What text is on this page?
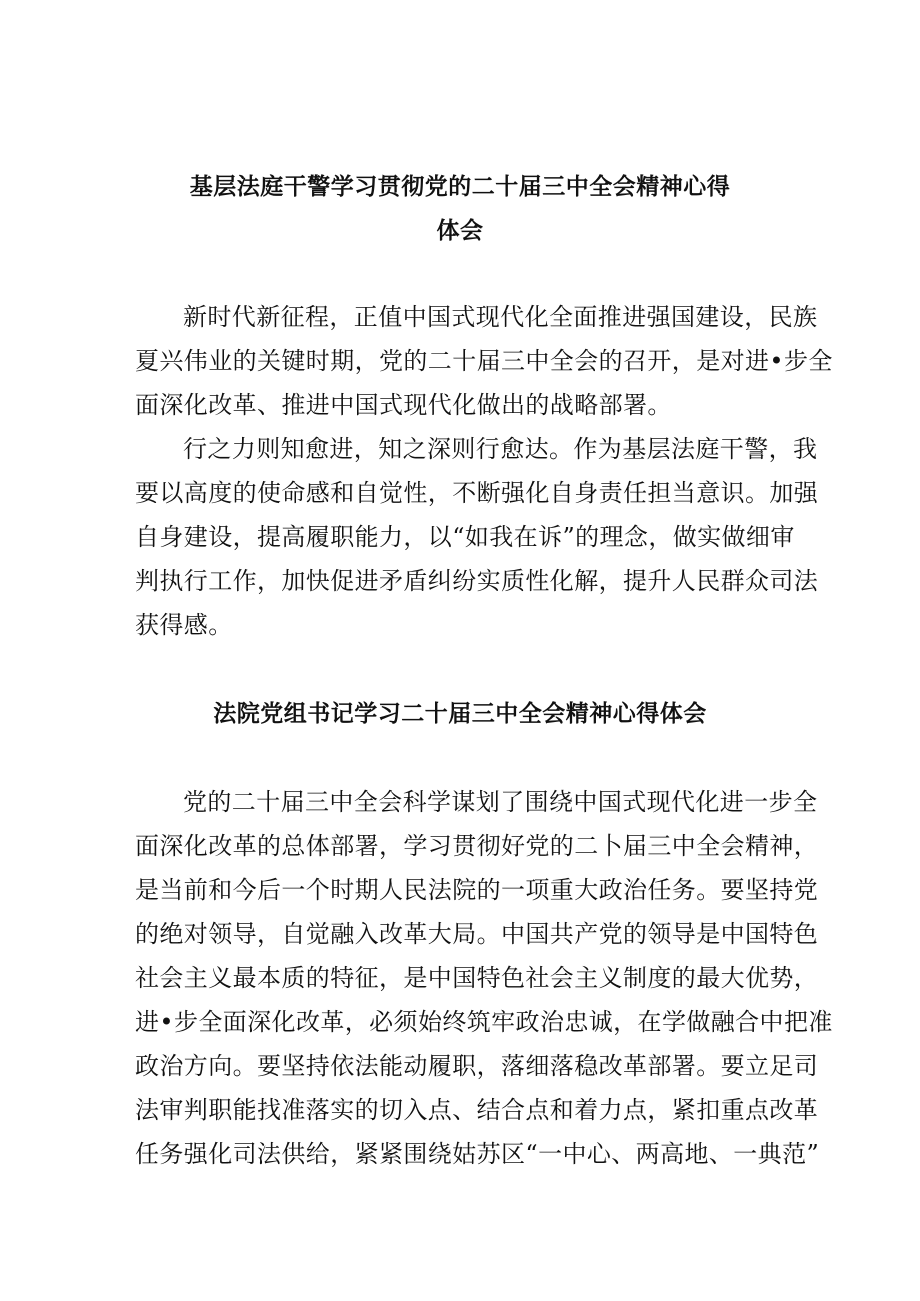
基层法庭干警学习贯彻党的二十届三中全会精神心得
体会
新时代新征程，正值中国式现代化全面推进强国建设，民族
夏兴伟业的关键时期，党的二十届三中全会的召开，是对进•步全
面深化改革、推进中国式现代化做出的战略部署。
行之力则知愈进，知之深则行愈达。作为基层法庭干警，我
要以高度的使命感和自觉性，不断强化自身责任担当意识。加强
自身建设，提高履职能力，以“如我在诉”的理念，做实做细审
判执行工作，加快促进矛盾纠纷实质性化解，提升人民群众司法
获得感。
法院党组书记学习二十届三中全会精神心得体会
党的二十届三中全会科学谋划了围绕中国式现代化进一步全
面深化改革的总体部署，学习贯彻好党的二卜届三中全会精神，
是当前和今后一个时期人民法院的一项重大政治任务。要坚持党
的绝对领导，自觉融入改革大局。中国共产党的领导是中国特色
社会主义最本质的特征，是中国特色社会主义制度的最大优势，
进•步全面深化改革，必须始终筑牢政治忠诚，在学做融合中把准
政治方向。要坚持依法能动履职，落细落稳改革部署。要立足司
法审判职能找准落实的切入点、结合点和着力点，紧扣重点改革
任务强化司法供给，紧紧围绕姑苏区“一中心、两高地、一典范”
